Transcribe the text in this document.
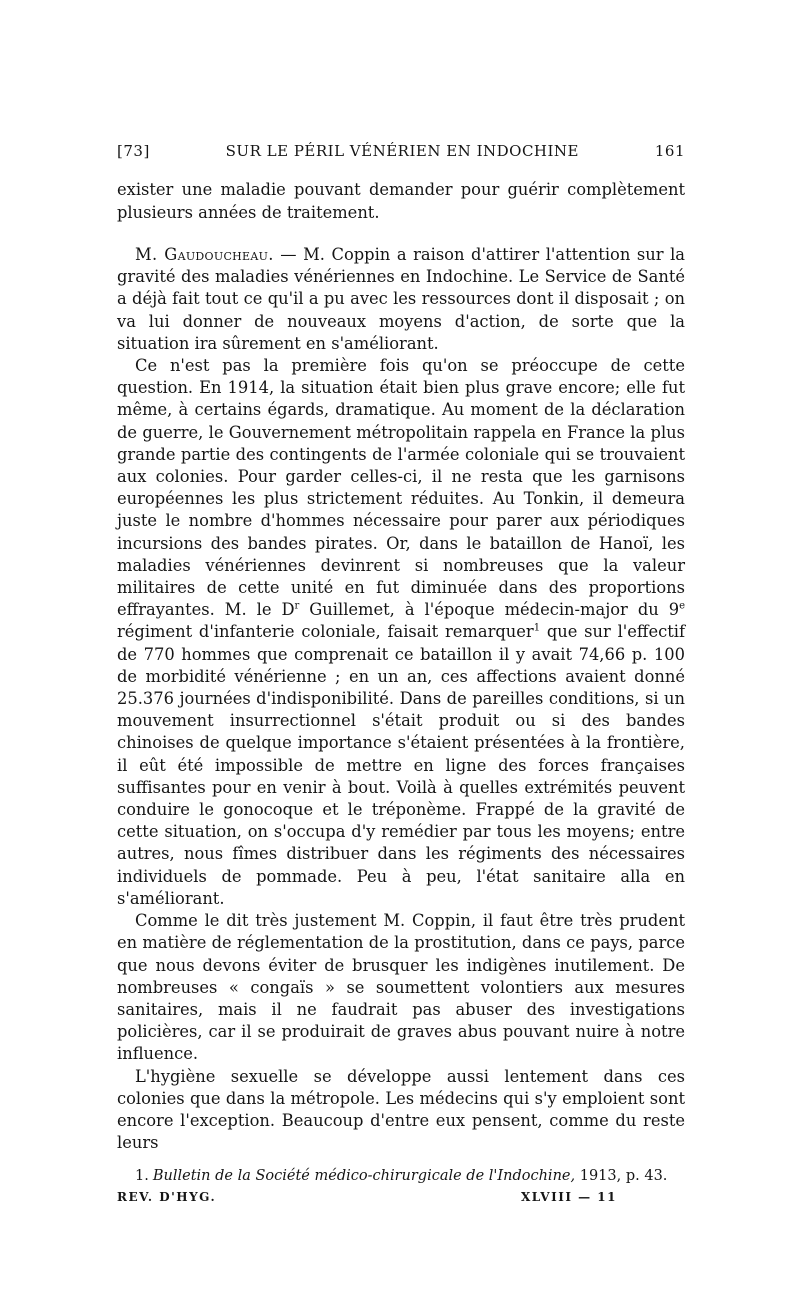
[73]	SUR LE PÉRIL VÉNÉRIEN EN INDOCHINE	161

exister une maladie pouvant demander pour guérir complètement plusieurs années de traitement.

M. Gaudoucheau. — M. Coppin a raison d'attirer l'attention sur la gravité des maladies vénériennes en Indochine. Le Service de Santé a déjà fait tout ce qu'il a pu avec les ressources dont il disposait ; on va lui donner de nouveaux moyens d'action, de sorte que la situation ira sûrement en s'améliorant.

Ce n'est pas la première fois qu'on se préoccupe de cette question. En 1914, la situation était bien plus grave encore; elle fut même, à certains égards, dramatique. Au moment de la déclaration de guerre, le Gouvernement métropolitain rappela en France la plus grande partie des contingents de l'armée coloniale qui se trouvaient aux colonies. Pour garder celles-ci, il ne resta que les garnisons européennes les plus strictement réduites. Au Tonkin, il demeura juste le nombre d'hommes nécessaire pour parer aux périodiques incursions des bandes pirates. Or, dans le bataillon de Hanoï, les maladies vénériennes devinrent si nombreuses que la valeur militaires de cette unité en fut diminuée dans des proportions effrayantes. M. le $D^r$ Guillemet, à l'époque médecin-major du 9e régiment d'infanterie coloniale, faisait remarquer$^1$ que sur l'effectif de 770 hommes que comprenait ce bataillon il y avait 74,66 p. 100 de morbidité vénérienne ; en un an, ces affections avaient donné 25.376 journées d'indisponibilité. Dans de pareilles conditions, si un mouvement insurrectionnel s'était produit ou si des bandes chinoises de quelque importance s'étaient présentées à la frontière, il eût été impossible de mettre en ligne des forces françaises suffisantes pour en venir à bout. Voilà à quelles extrémités peuvent conduire le gonocoque et le tréponème. Frappé de la gravité de cette situation, on s'occupa d'y remédier par tous les moyens; entre autres, nous fîmes distribuer dans les régiments des nécessaires individuels de pommade. Peu à peu, l'état sanitaire alla en s'améliorant.

Comme le dit très justement M. Coppin, il faut être très prudent en matière de réglementation de la prostitution, dans ce pays, parce que nous devons éviter de brusquer les indigènes inutilement. De nombreuses « congaïs » se soumettent volontiers aux mesures sanitaires, mais il ne faudrait pas abuser des investigations policières, car il se produirait de graves abus pouvant nuire à notre influence.

L'hygiène sexuelle se développe aussi lentement dans ces colonies que dans la métropole. Les médecins qui s'y emploient sont encore l'exception. Beaucoup d'entre eux pensent, comme du reste leurs

1. Bulletin de la Société médico-chirurgicale de l'Indochine, 1913, p. 43.
REV. D'HYG.	XLVIII — 11
